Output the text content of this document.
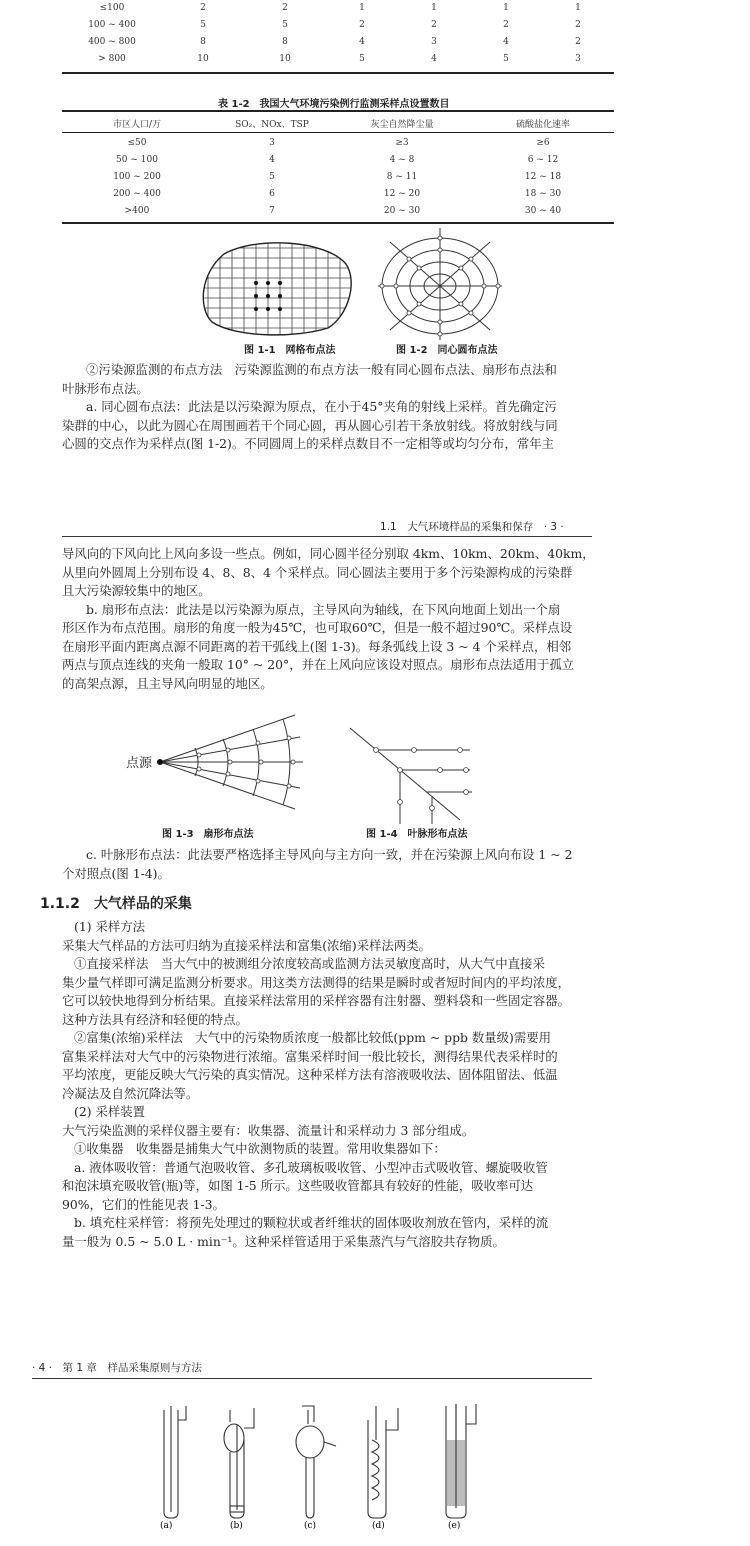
≤100	2	2	1	1	1	1
100 ~ 400	5	5	2	2	2	2
400 ~ 800	8	8	4	3	4	2
> 800	10	10	5	4	5	3
表 1-2　我国大气环境污染例行监测采样点设置数目
市区人口/万	SO₂、NOx、TSP	灰尘自然降尘量	硫酸盐化速率
≤50	3	≥3	≥6
50 ~ 100	4	4 ~ 8	6 ~ 12
100 ~ 200	5	8 ~ 11	12 ~ 18
200 ~ 400	6	12 ~ 20	18 ~ 30
>400	7	20 ~ 30	30 ~ 40
图 1-1　网格布点法	图 1-2　同心圆布点法

②污染源监测的布点方法　污染源监测的布点方法一般有同心圆布点法、扇形布点法和

叶脉形布点法。

a. 同心圆布点法：此法是以污染源为原点，在小于45°夹角的射线上采样。首先确定污

染群的中心，以此为圆心在周围画若干个同心圆，再从圆心引若干条放射线。将放射线与同

心圆的交点作为采样点(图 1-2)。不同圆周上的采样点数目不一定相等或均匀分布，常年主

1.1　大气环境样品的采集和保存　· 3 ·

导风向的下风向比上风向多设一些点。例如，同心圆半径分别取 4km、10km、20km、40km，

从里向外圆周上分别布设 4、8、8、4 个采样点。同心圆法主要用于多个污染源构成的污染群

且大污染源较集中的地区。

b. 扇形布点法：此法是以污染源为原点，主导风向为轴线，在下风向地面上划出一个扇

形区作为布点范围。扇形的角度一般为45℃，也可取60℃，但是一般不超过90℃。采样点设

在扇形平面内距离点源不同距离的若干弧线上(图 1-3)。每条弧线上设 3 ~ 4 个采样点，相邻

两点与顶点连线的夹角一般取 10° ~ 20°，并在上风向应该设对照点。扇形布点法适用于孤立

的高架点源，且主导风向明显的地区。

点源
图 1-3　扇形布点法	图 1-4　叶脉形布点法

c. 叶脉形布点法：此法要严格选择主导风向与主方向一致，并在污染源上风向布设 1 ~ 2

个对照点(图 1-4)。

1.1.2　大气样品的采集

(1) 采样方法

采集大气样品的方法可归纳为直接采样法和富集(浓缩)采样法两类。

①直接采样法　当大气中的被测组分浓度较高或监测方法灵敏度高时，从大气中直接采

集少量气样即可满足监测分析要求。用这类方法测得的结果是瞬时或者短时间内的平均浓度，

它可以较快地得到分析结果。直接采样法常用的采样容器有注射器、塑料袋和一些固定容器。

这种方法具有经济和轻便的特点。

②富集(浓缩)采样法　大气中的污染物质浓度一般都比较低(ppm ~ ppb 数量级)需要用

富集采样法对大气中的污染物进行浓缩。富集采样时间一般比较长，测得结果代表采样时的

平均浓度，更能反映大气污染的真实情况。这种采样方法有溶液吸收法、固体阻留法、低温

冷凝法及自然沉降法等。

(2) 采样装置

大气污染监测的采样仪器主要有：收集器、流量计和采样动力 3 部分组成。

①收集器　收集器是捕集大气中欲测物质的装置。常用收集器如下：

a. 液体吸收管：普通气泡吸收管、多孔玻璃板吸收管、小型冲击式吸收管、螺旋吸收管

和泡沫填充吸收管(瓶)等，如图 1-5 所示。这些吸收管都具有较好的性能，吸收率可达

90%，它们的性能见表 1-3。

b. 填充柱采样管：将预先处理过的颗粒状或者纤维状的固体吸收剂放在管内，采样的流

量一般为 0.5 ~ 5.0 L · min⁻¹。这种采样管适用于采集蒸汽与气溶胶共存物质。

· 4 ·　第 1 章　样品采集原则与方法
(a)	(b)	(c)	(d)	(e)
